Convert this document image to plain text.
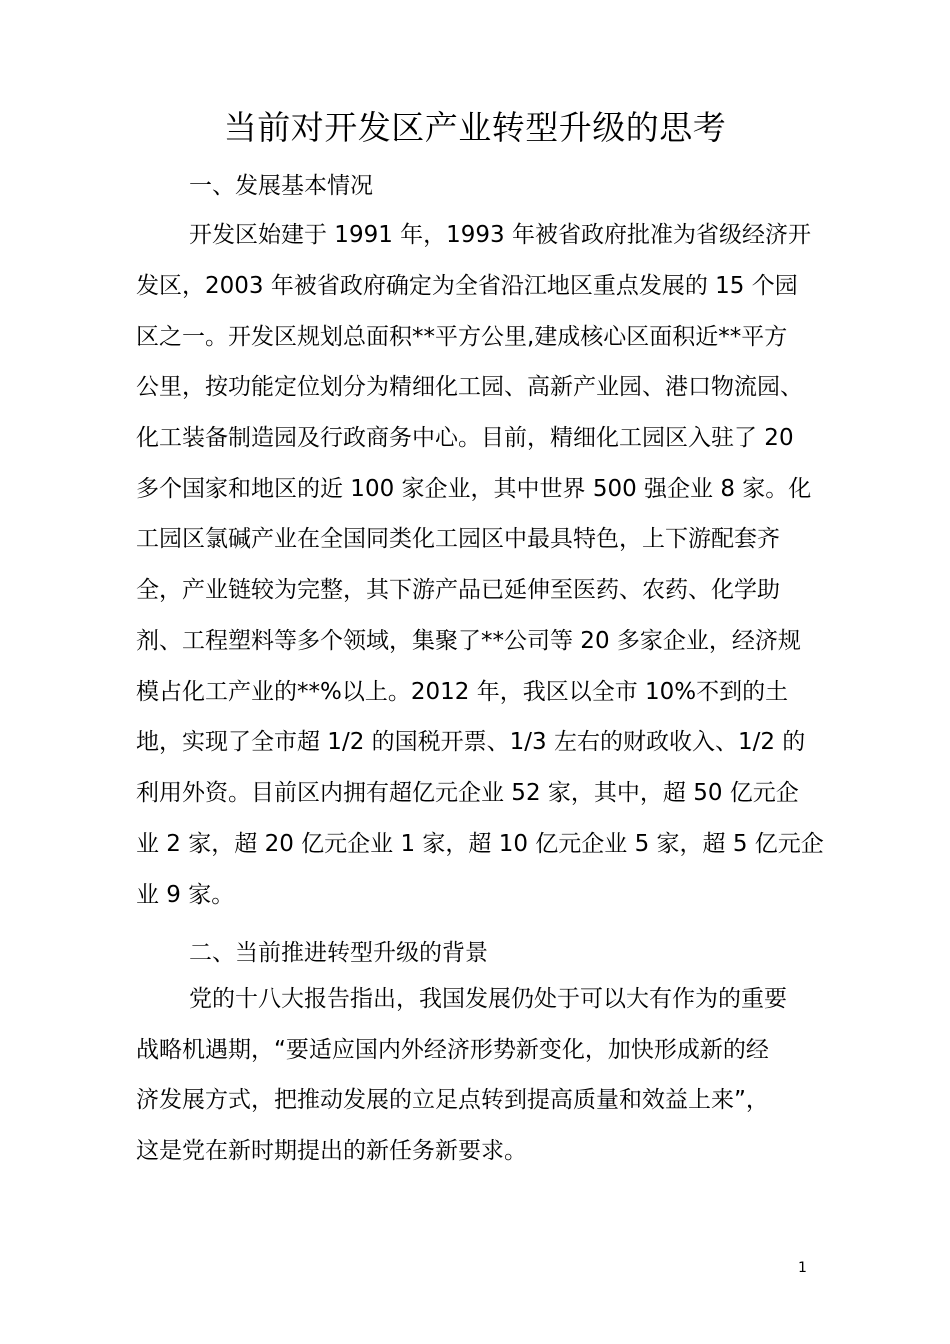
当前对开发区产业转型升级的思考
一、发展基本情况

开发区始建于 1991 年，1993 年被省政府批准为省级经济开

发区，2003 年被省政府确定为全省沿江地区重点发展的 15 个园

区之一。开发区规划总面积**平方公里,建成核心区面积近**平方

公里，按功能定位划分为精细化工园、高新产业园、港口物流园、

化工装备制造园及行政商务中心。目前，精细化工园区入驻了 20

多个国家和地区的近 100 家企业，其中世界 500 强企业 8 家。化

工园区氯碱产业在全国同类化工园区中最具特色，上下游配套齐

全，产业链较为完整，其下游产品已延伸至医药、农药、化学助

剂、工程塑料等多个领域，集聚了**公司等 20 多家企业，经济规

模占化工产业的**%以上。2012 年，我区以全市 10%不到的土

地，实现了全市超 1/2 的国税开票、1/3 左右的财政收入、1/2 的

利用外资。目前区内拥有超亿元企业 52 家，其中，超 50 亿元企

业 2 家，超 20 亿元企业 1 家，超 10 亿元企业 5 家，超 5 亿元企

业 9 家。

二、当前推进转型升级的背景

党的十八大报告指出，我国发展仍处于可以大有作为的重要

战略机遇期，“要适应国内外经济形势新变化，加快形成新的经

济发展方式，把推动发展的立足点转到提高质量和效益上来”，

这是党在新时期提出的新任务新要求。

1
